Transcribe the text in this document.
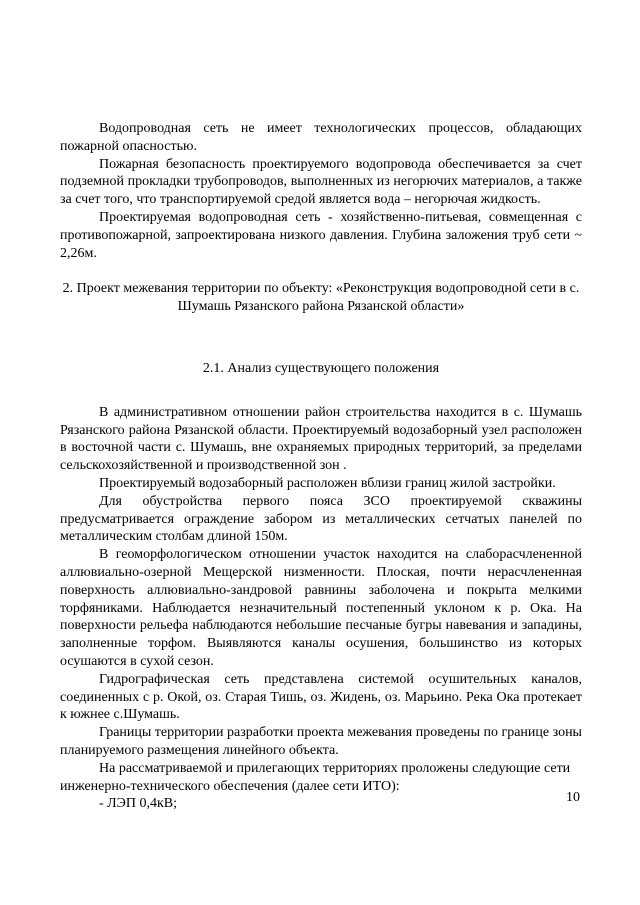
Водопроводная сеть не имеет технологических процессов, обладающих пожарной опасностью.

Пожарная безопасность проектируемого водопровода обеспечивается за счет подземной прокладки трубопроводов, выполненных из негорючих материалов, а также за счет того, что транспортируемой средой является вода – негорючая жидкость.

Проектируемая водопроводная сеть - хозяйственно-питьевая, совмещенная с противопожарной, запроектирована низкого давления. Глубина заложения труб сети ~ 2,26м.

2. Проект межевания территории по объекту: «Реконструкция водопроводной сети в с. Шумашь Рязанского района Рязанской области»

2.1. Анализ существующего положения

В административном отношении район строительства находится в с. Шумашь Рязанского района Рязанской области. Проектируемый водозаборный узел расположен в восточной части с. Шумашь, вне охраняемых природных территорий, за пределами сельскохозяйственной и производственной зон .

Проектируемый водозаборный расположен вблизи границ жилой застройки.

Для обустройства первого пояса ЗСО проектируемой скважины предусматривается ограждение забором из металлических сетчатых панелей по металлическим столбам длиной 150м.

В геоморфологическом отношении участок находится на слаборасчлененной аллювиально-озерной Мещерской низменности. Плоская, почти нерасчлененная поверхность аллювиально-зандровой равнины заболочена и покрыта мелкими торфяниками. Наблюдается незначительный постепенный уклоном к р. Ока. На поверхности рельефа наблюдаются небольшие песчаные бугры навевания и западины, заполненные торфом. Выявляются каналы осушения, большинство из которых осушаются в сухой сезон.

Гидрографическая сеть представлена системой осушительных каналов, соединенных с р. Окой, оз. Старая Тишь, оз. Жидень, оз. Марьино. Река Ока протекает к южнее с.Шумашь.

Границы территории разработки проекта межевания проведены по границе зоны планируемого размещения линейного объекта.

На рассматриваемой и прилегающих территориях проложены следующие сети инженерно-технического обеспечения (далее сети ИТО):

- ЛЭП 0,4кВ;	10
